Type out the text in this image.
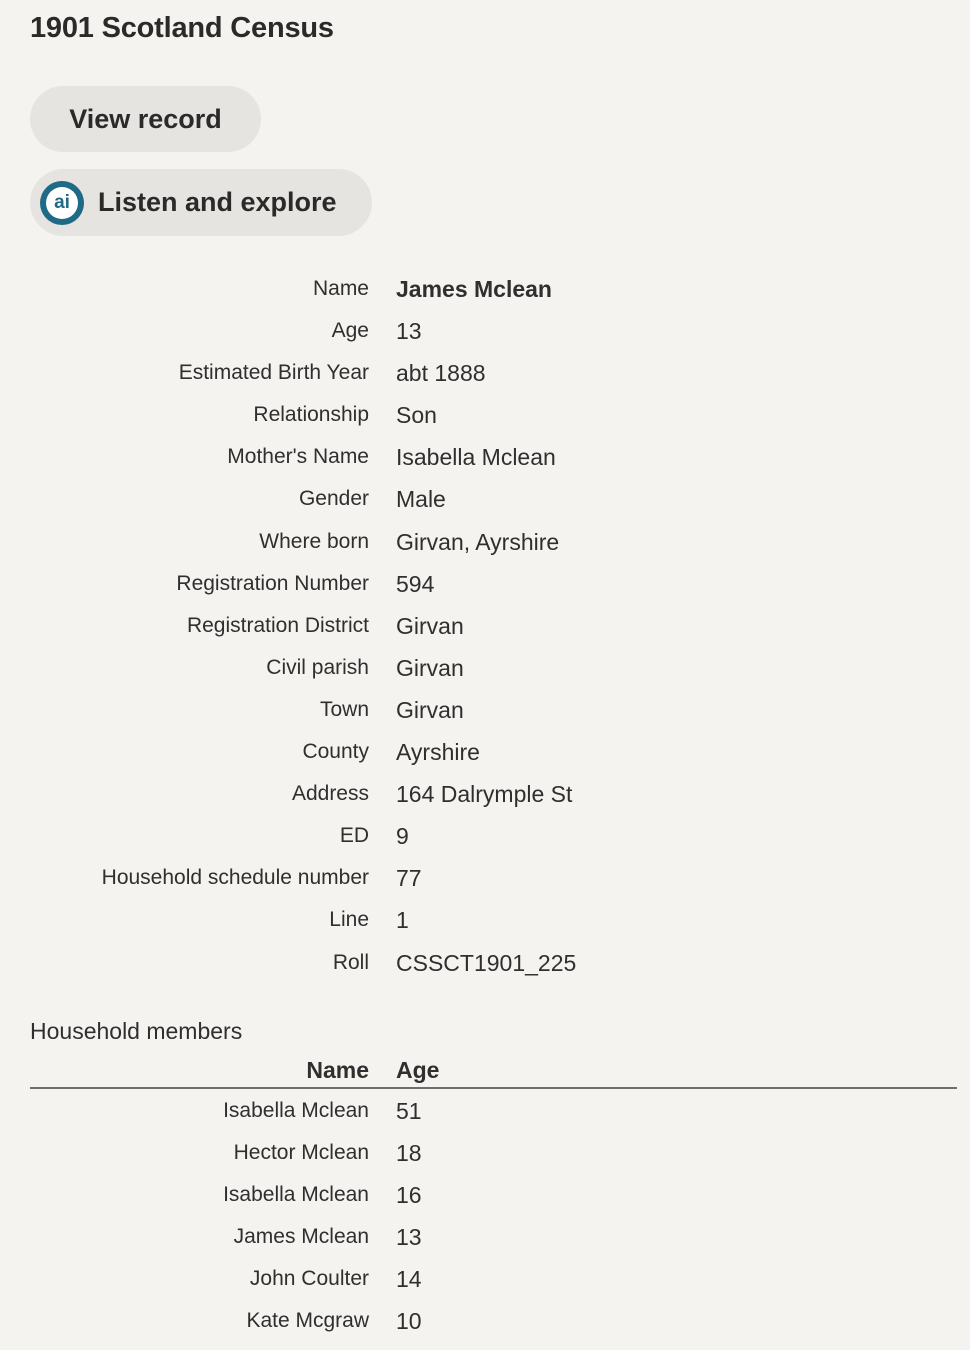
1901 Scotland Census
View record
ai Listen and explore
Name James Mclean
Age 13
Estimated Birth Year abt 1888
Relationship Son
Mother's Name Isabella Mclean
Gender Male
Where born Girvan, Ayrshire
Registration Number 594
Registration District Girvan
Civil parish Girvan
Town Girvan
County Ayrshire
Address 164 Dalrymple St
ED 9
Household schedule number 77
Line 1
Roll CSSCT1901_225
Household members
Name Age
Isabella Mclean 51
Hector Mclean 18
Isabella Mclean 16
James Mclean 13
John Coulter 14
Kate Mcgraw 10
